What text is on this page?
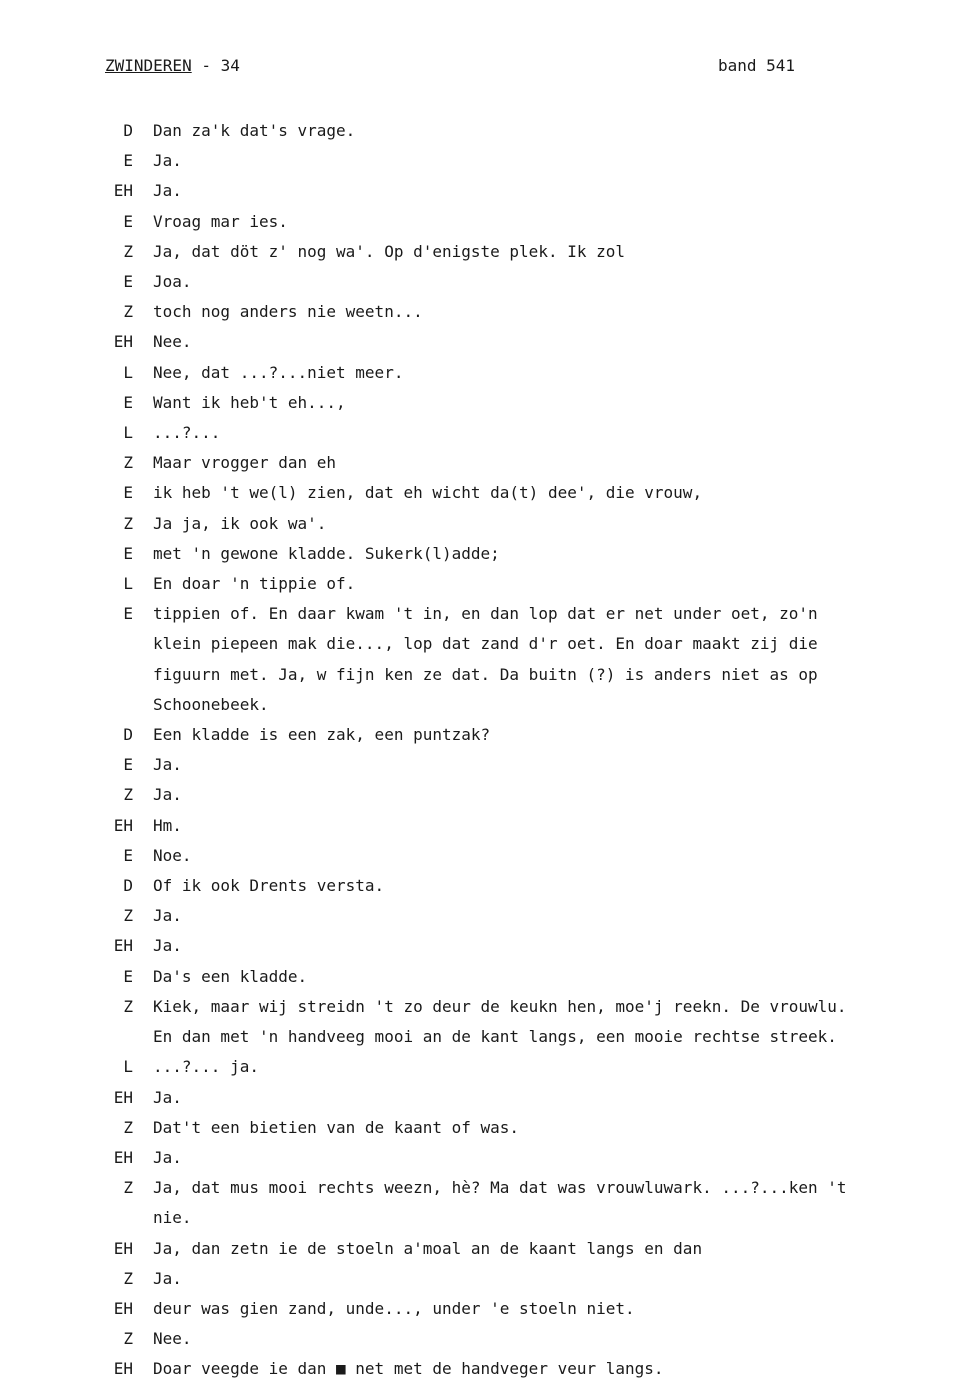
ZWINDEREN - 34	band 541
D	Dan za'k dat's vrage.
E	Ja.
EH	Ja.
E	Vroag mar ies.
Z	Ja, dat döt z' nog wa'. Op d'enigste plek. Ik zol
E	Joa.
Z	toch nog anders nie weetn...
EH	Nee.
L	Nee, dat ...?...niet meer.
E	Want ik heb't eh...,
L	...?...
Z	Maar vrogger dan eh
E	ik heb 't we(l) zien, dat eh wicht da(t) dee', die vrouw,
Z	Ja ja, ik ook wa'.
E	met 'n gewone kladde. Sukerk(l)adde;
L	En doar 'n tippie of.
E	tippien of. En daar kwam 't in, en dan lop dat er net under oet, zo'n
klein piepeen mak die..., lop dat zand d'r oet. En doar maakt zij die
figuurn met. Ja, w fijn ken ze dat. Da buitn (?) is anders niet as op
Schoonebeek.
D	Een kladde is een zak, een puntzak?
E	Ja.
Z	Ja.
EH	Hm.
E	Noe.
D	Of ik ook Drents versta.
Z	Ja.
EH	Ja.
E	Da's een kladde.
Z	Kiek, maar wij streidn 't zo deur de keukn hen, moe'j reekn. De vrouwlu.
En dan met 'n handveeg mooi an de kant langs, een mooie rechtse streek.
L	...?... ja.
EH	Ja.
Z	Dat't een bietien van de kaant of was.
EH	Ja.
Z	Ja, dat mus mooi rechts weezn, hè? Ma dat was vrouwluwark. ...?...ken 't
nie.
EH	Ja, dan zetn ie de stoeln a'moal an de kaant langs en dan
Z	Ja.
EH	deur was gien zand, unde..., under 'e stoeln niet.
Z	Nee.
EH	Doar veegde ie dan ■ net met de handveger veur langs.
